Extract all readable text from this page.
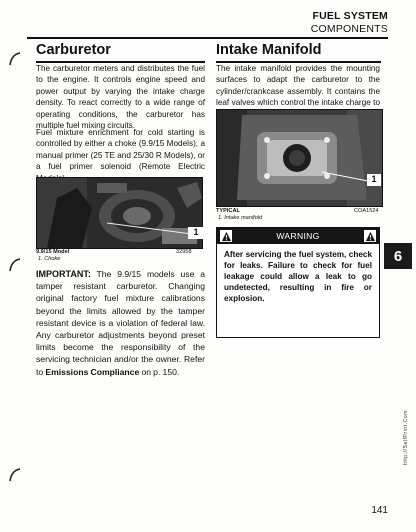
FUEL SYSTEM
COMPONENTS
Carburetor

The carburetor meters and distributes the fuel to the engine. It controls engine speed and power output by varying the intake charge density. To react correctly to a wide range of operating conditions, the carburetor has multiple fuel mixing circuits.

Fuel mixture enrichment for cold starting is controlled by either a choke (9.9/15 Models), a manual primer (25 TE and 25/30 R Models), or a fuel primer solenoid (Remote Electric

1
9.9/15 Model	32958
1. Choke

IMPORTANT: The 9.9/15 models use a tamper resistant carburetor. Changing original factory fuel mixture calibrations beyond the limits allowed by the tamper resistant device is a violation of federal law. Any carburetor adjustments beyond preset limits become the responsibility of the servicing technician and/or the owner. Refer to Emissions Compliance on p. 150.

Intake Manifold

The intake manifold provides the mounting surfaces to adapt the carburetor to the cylinder/crankcase assembly. It contains the leaf valves which control the intake charge to

1
TYPICAL	COA1524
1. Intake manifold
WARNING
After servicing the fuel system, check for leaks. Failure to check for fuel leakage could allow a leak to go undetected, resulting in fire or explosion.
6
http://SelfPrint.Com
141
